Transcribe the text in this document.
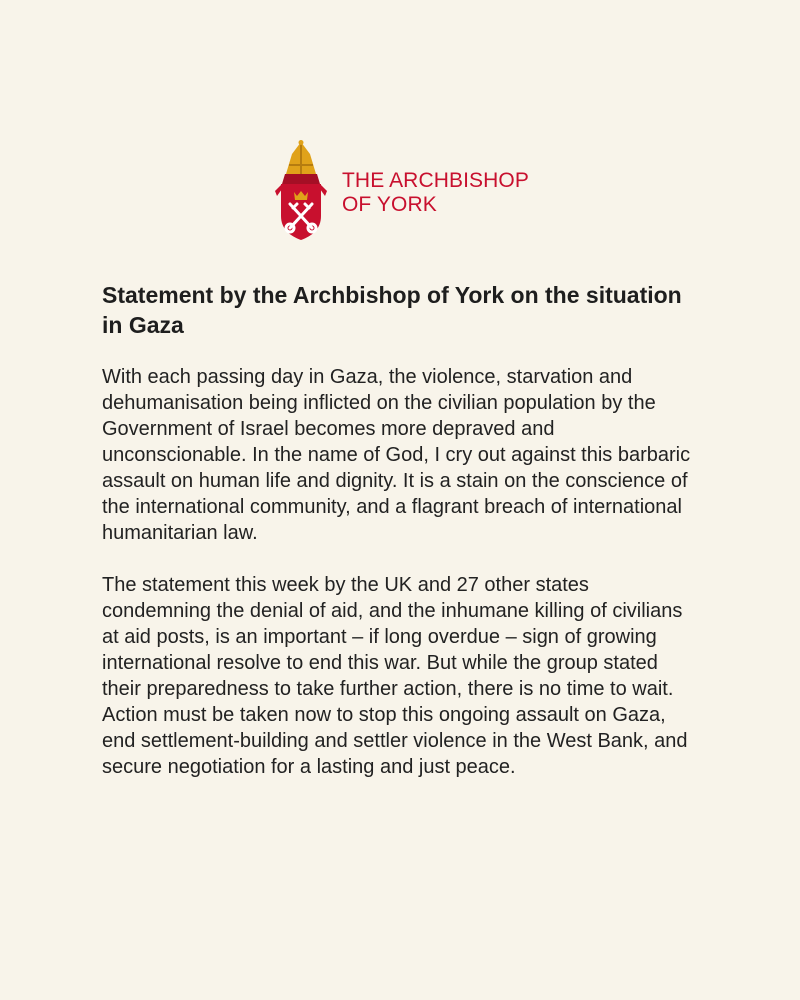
THE ARCHBISHOP
OF YORK
Statement by the Archbishop of York on the situation in Gaza

With each passing day in Gaza, the violence, starvation and dehumanisation being inflicted on the civilian population by the Government of Israel becomes more depraved and unconscionable. In the name of God, I cry out against this barbaric assault on human life and dignity. It is a stain on the conscience of the international community, and a flagrant breach of international humanitarian law.

The statement this week by the UK and 27 other states condemning the denial of aid, and the inhumane killing of civilians at aid posts, is an important – if long overdue – sign of growing international resolve to end this war. But while the group stated their preparedness to take further action, there is no time to wait. Action must be taken now to stop this ongoing assault on Gaza, end settlement-building and settler violence in the West Bank, and secure negotiation for a lasting and just peace.
